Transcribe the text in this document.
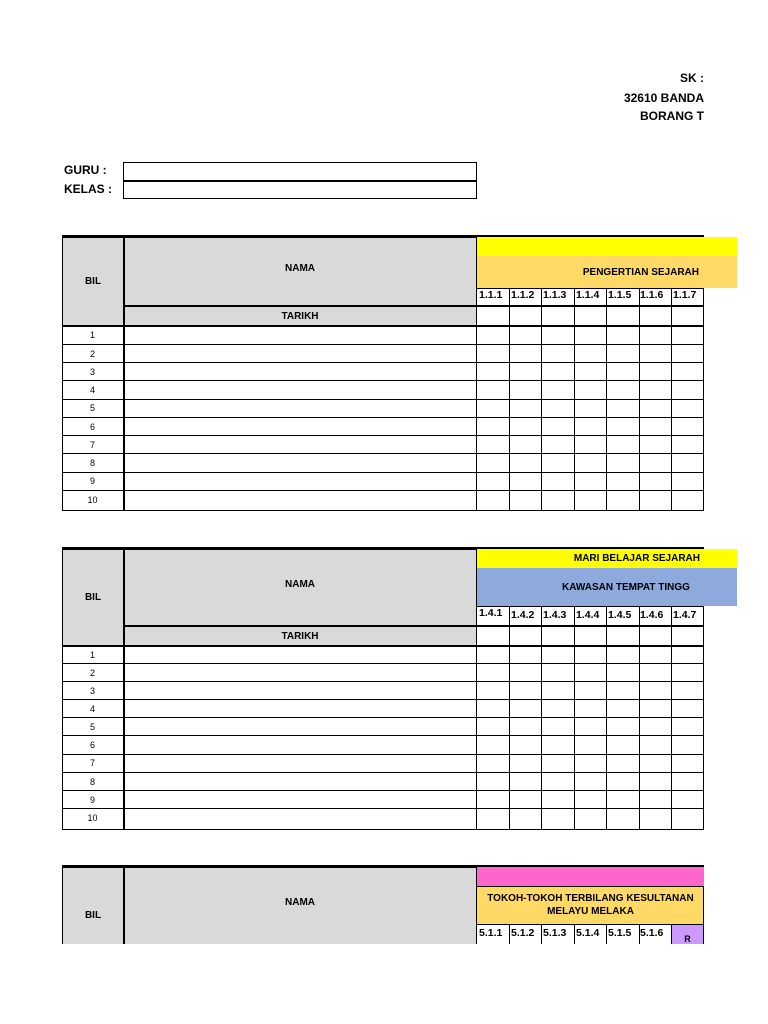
SK :
32610 BANDA
BORANG T
GURU :
KELAS :
BIL
NAMA
TARIKH
PENGERTIAN SEJARAH
1.1.1 1.1.2 1.1.3 1.1.4 1.1.5 1.1.6 1.1.7
1
2
3
4
5
6
7
8
9
10
BIL
NAMA
TARIKH
MARI BELAJAR SEJARAH
KAWASAN TEMPAT TINGG
1.4.1 1.4.2 1.4.3 1.4.4 1.4.5 1.4.6 1.4.7
1
2
3
4
5
6
7
8
9
10
BIL
NAMA	TOKOH-TOKOH TERBILANG KESULTANAN MELAYU MELAKA
5.1.1 5.1.2 5.1.3 5.1.4 5.1.5 5.1.6	R
